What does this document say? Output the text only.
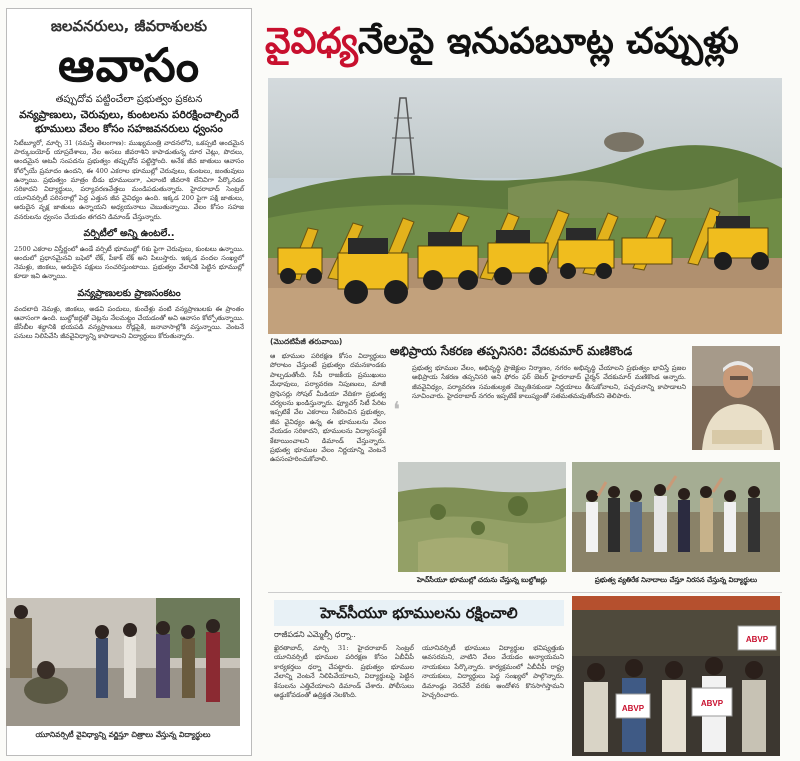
జలవనరులు, జీవరాశులకు
ఆవాసం
తప్పుదోవ పట్టించేలా ప్రభుత్వం ప్రకటన
వన్యప్రాణులు, చెరువులు, కుంటలను పరిరక్షించాల్సిందే భూములు వేలం కోసం సహజవనరులు ధ్వంసం
సిటీబ్యూరో, మార్చి 31 (నమస్తే తెలంగాణ): ముఖ్యమంత్రి వాదనలోని, ఒకప్పటి అందమైన పార్కుబయోధ్ యాప్రదేశాలు, నేల అసలు జీవరాశిని కాపాడుతున్న దూర చెట్లు, పొదలు, అందమైన అటవీ సంపదను ప్రభుత్వం తప్పుదోవ పట్టిస్తోంది. అనేక జీవ జాతులు ఆవాసం కోల్పోయే ప్రమాదం ఉందని, ఈ 400 ఎకరాల భూముల్లో చెరువులు, కుంటలు, జంతువులు ఉన్నాయి. ప్రభుత్వం మాత్రం బీడు భూములుగా, ఎలాంటి జీవరాశి లేనివిగా పేర్కొనడం సరికాదని విద్యార్థులు, పర్యావరణవేత్తలు మండిపడుతున్నారు. హైదరాబాద్ సెంట్రల్ యూనివర్సిటీ పరిసరాల్లో పెద్ద ఎత్తున జీవ వైవిధ్యం ఉంది. ఇక్కడ 200 పైగా పక్షి జాతులు, అరుదైన వృక్ష జాతులు ఉన్నాయని అధ్యయనాలు చెబుతున్నాయి. వేలం కోసం సహజ వనరులను ధ్వంసం చేయడం తగదని డిమాండ్ చేస్తున్నారు.
వర్సిటీలో అన్ని ఉంటలే..
2500 ఎకరాల విస్తీర్ణంలో ఉండే వర్సిటీ భూముల్లో 6కు పైగా చెరువులు, కుంటలు ఉన్నాయి. అందులో ప్రధానమైనవి బఫెలో లేక్, పీకాక్ లేక్ అని పిలుస్తారు. ఇక్కడ వందల సంఖ్యలో నెమళ్లు, జింకలు, అరుదైన పక్షులు సంచరిస్తుంటాయి. ప్రభుత్వం వేలానికి పెట్టిన భూముల్లో కూడా ఇవి ఉన్నాయి.
వన్యప్రాణులకు ప్రాణసంకటం
వందలాది నెమళ్లు, జింకలు, అడవి పందులు, కుందేళ్లు వంటి వన్యప్రాణులకు ఈ ప్రాంతం ఆవాసంగా ఉంది. బుల్డోజర్లతో చెట్లను నేలమట్టం చేయడంతో అవి ఆవాసం కోల్పోతున్నాయి. జేసీబీల శబ్దానికి భయపడి వన్యప్రాణులు రోడ్లపైకి, జనావాసాల్లోకి వస్తున్నాయి. వెంటనే పనులు నిలిపివేసి జీవవైవిధ్యాన్ని కాపాడాలని విద్యార్థులు కోరుతున్నారు.
యూనివర్సిటీ వైవిధ్యాన్ని వర్ణిస్తూ చిత్రాలు వేస్తున్న విద్యార్థులు
వైవిధ్యనేలపై ఇనుపబూట్ల చప్పుళ్లు
(మెుదటిపేజీ తరువాయి)
ఆ భూముల పరిరక్షణ కోసం విద్యార్థులు పోరాటం చేస్తుంటే ప్రభుత్వం దమనకాండకు పాల్పడుతోంది. సీపీ రాజకీయ ప్రముఖులు మేధావులు, పర్యావరణ నిపుణులు, మాజీ ప్రొఫెసర్లు సోషల్ మీడియా వేదికగా ప్రభుత్వ చర్యలను ఖండిస్తున్నారు. ఫ్యూచర్ సిటీ పేరిట ఇప్పటికే వేల ఎకరాలు సేకరించిన ప్రభుత్వం, జీవ వైవిధ్యం ఉన్న ఈ భూములను వేలం వేయడం సరికాదని, భూములను విద్యాసంస్థకే కేటాయించాలని డిమాండ్ చేస్తున్నారు. ప్రభుత్వ భూముల వేలం నిర్ణయాన్ని వెంటనే ఉపసంహరించుకోవాలి.
అభిప్రాయ సేకరణ తప్పనిసరి: వేదకుమార్ మణికొండ
❛
ప్రభుత్వ భూముల వేలం, అభివృద్ధి ప్రాజెక్టుల నిర్మాణం, నగరం అభివృద్ధి చేయాలని ప్రభుత్వం భావిస్తే ప్రజల అభిప్రాయ సేకరణ తప్పనిసరి అని ఫోరం ఫర్ బెటర్ హైదరాబాద్ చైర్మన్ వేదకుమార్ మణికొండ అన్నారు. జీవవైవిధ్యం, పర్యావరణ సమతుల్యత దెబ్బతినకుండా నిర్ణయాలు తీసుకోవాలని, పచ్చదనాన్ని కాపాడాలని సూచించారు. హైదరాబాద్ నగరం ఇప్పటికే కాలుష్యంతో సతమతమవుతోందని తెలిపారు.
హెచ్‌సీయూ భూముల్లో చదును చేస్తున్న బుల్డోజర్లు	ప్రభుత్వ వ్యతిరేక నినాదాలు చేస్తూ నిరసన చేస్తున్న విద్యార్థులు
హెచ్‌సీయూ భూములను రక్షించాలి
రాజీపడని ఎమ్మెల్సీ ధర్నా..
ఖైరతాబాద్, మార్చి 31: హైదరాబాద్ సెంట్రల్ యూనివర్సిటీ భూముల పరిరక్షణ కోసం ఏబీవీపీ కార్యకర్తలు ధర్నా చేపట్టారు. ప్రభుత్వం భూముల వేలాన్ని వెంటనే నిలిపివేయాలని, విద్యార్థులపై పెట్టిన కేసులను ఎత్తివేయాలని డిమాండ్ చేశారు. పోలీసులు అడ్డుకోవడంతో ఉద్రిక్తత నెలకొంది.
యూనివర్సిటీ భూములు విద్యార్థుల భవిష్యత్తుకు అవసరమని, వాటిని వేలం వేయడం అన్యాయమని నాయకులు పేర్కొన్నారు. కార్యక్రమంలో ఏబీవీపీ రాష్ట్ర నాయకులు, విద్యార్థులు పెద్ద సంఖ్యలో పాల్గొన్నారు. డిమాండ్లు నెరవేరే వరకు ఆందోళన కొనసాగిస్తామని హెచ్చరించారు.
ABVP
ABVP
ABVP
